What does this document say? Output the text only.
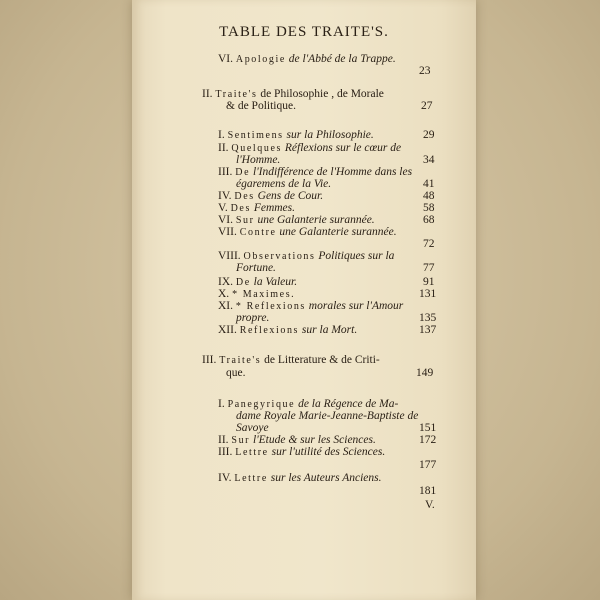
TABLE DES TRAITE'S.
VI. Apologie de l'Abbé de la Trappe.
23
II. Traite's de Philosophie , de Morale
& de Politique.	27
I. Sentimens sur la Philosophie.	29
II. Quelques Réflexions sur le cœur de
l'Homme.	34
III. De l'Indifférence de l'Homme dans les
égaremens de la Vie.	41
IV. Des Gens de Cour.	48
V. Des Femmes.	58
VI. Sur une Galanterie surannée.	68
VII. Contre une Galanterie surannée.
72
VIII. Observations Politiques sur la
Fortune.	77
IX. De la Valeur.	91
X. * Maximes.	131
XI. * Reflexions morales sur l'Amour
propre.	135
XII. Reflexions sur la Mort.	137
III. Traite's de Litterature & de Criti-
que.	149
I. Panegyrique de la Régence de Ma-
dame Royale Marie-Jeanne-Baptiste de
Savoye	151
II. Sur l'Etude & sur les Sciences.	172
III. Lettre sur l'utilité des Sciences.
177
IV. Lettre sur les Auteurs Anciens.
181
V.
